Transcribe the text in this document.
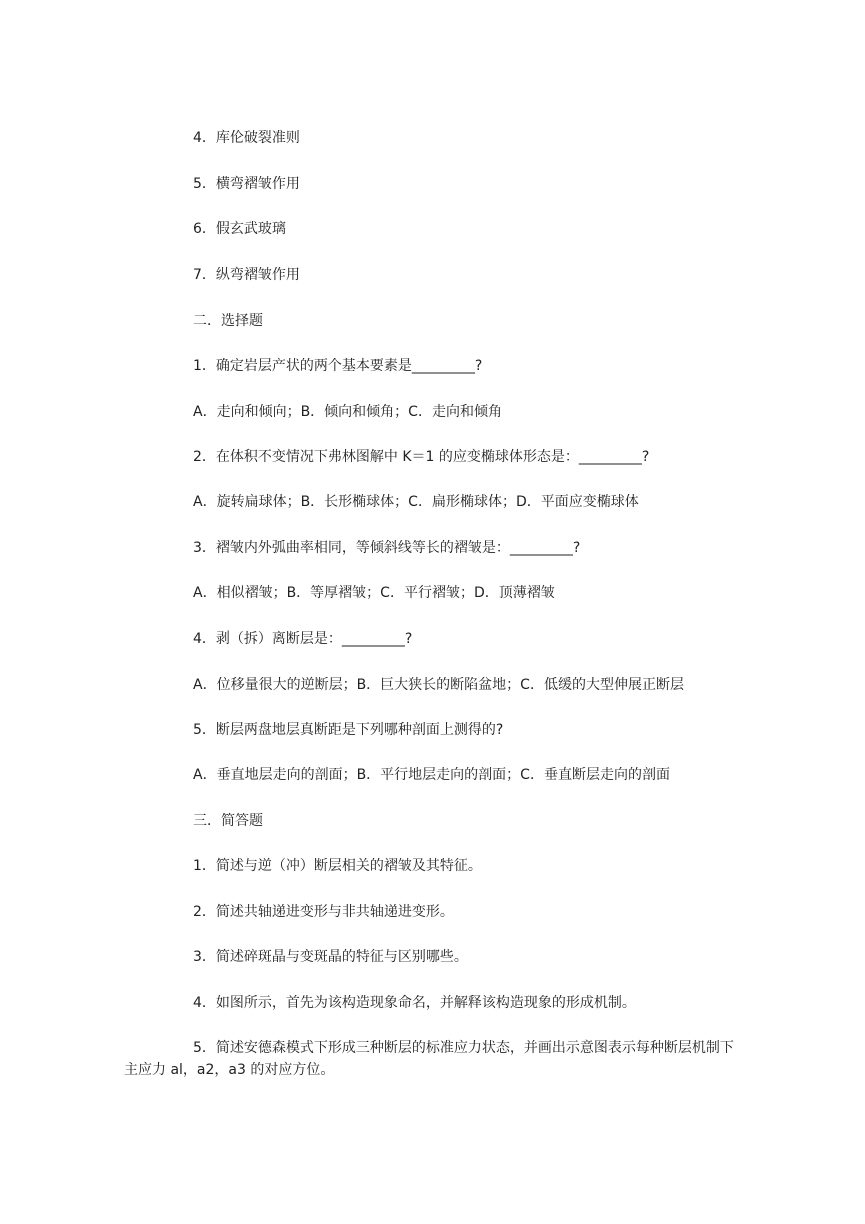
4．库伦破裂准则
5．横弯褶皱作用
6．假玄武玻璃
7．纵弯褶皱作用
二．选择题
1．确定岩层产状的两个基本要素是_________?
A．走向和倾向；B．倾向和倾角；C．走向和倾角
2．在体积不变情况下弗林图解中 K＝1 的应变椭球体形态是：_________?
A．旋转扁球体；B．长形椭球体；C．扁形椭球体；D．平面应变椭球体
3．褶皱内外弧曲率相同，等倾斜线等长的褶皱是：_________?
A．相似褶皱；B．等厚褶皱；C．平行褶皱；D．顶薄褶皱
4．剥（拆）离断层是：_________?
A．位移量很大的逆断层；B．巨大狭长的断陷盆地；C．低缓的大型伸展正断层
5．断层两盘地层真断距是下列哪种剖面上测得的?
A．垂直地层走向的剖面；B．平行地层走向的剖面；C．垂直断层走向的剖面
三．简答题
1．简述与逆（冲）断层相关的褶皱及其特征。
2．简述共轴递进变形与非共轴递进变形。
3．简述碎斑晶与变斑晶的特征与区别哪些。
4．如图所示，首先为该构造现象命名，并解释该构造现象的形成机制。
5．简述安德森模式下形成三种断层的标准应力状态，并画出示意图表示每种断层机制下主应力 al，a2，a3 的对应方位。
